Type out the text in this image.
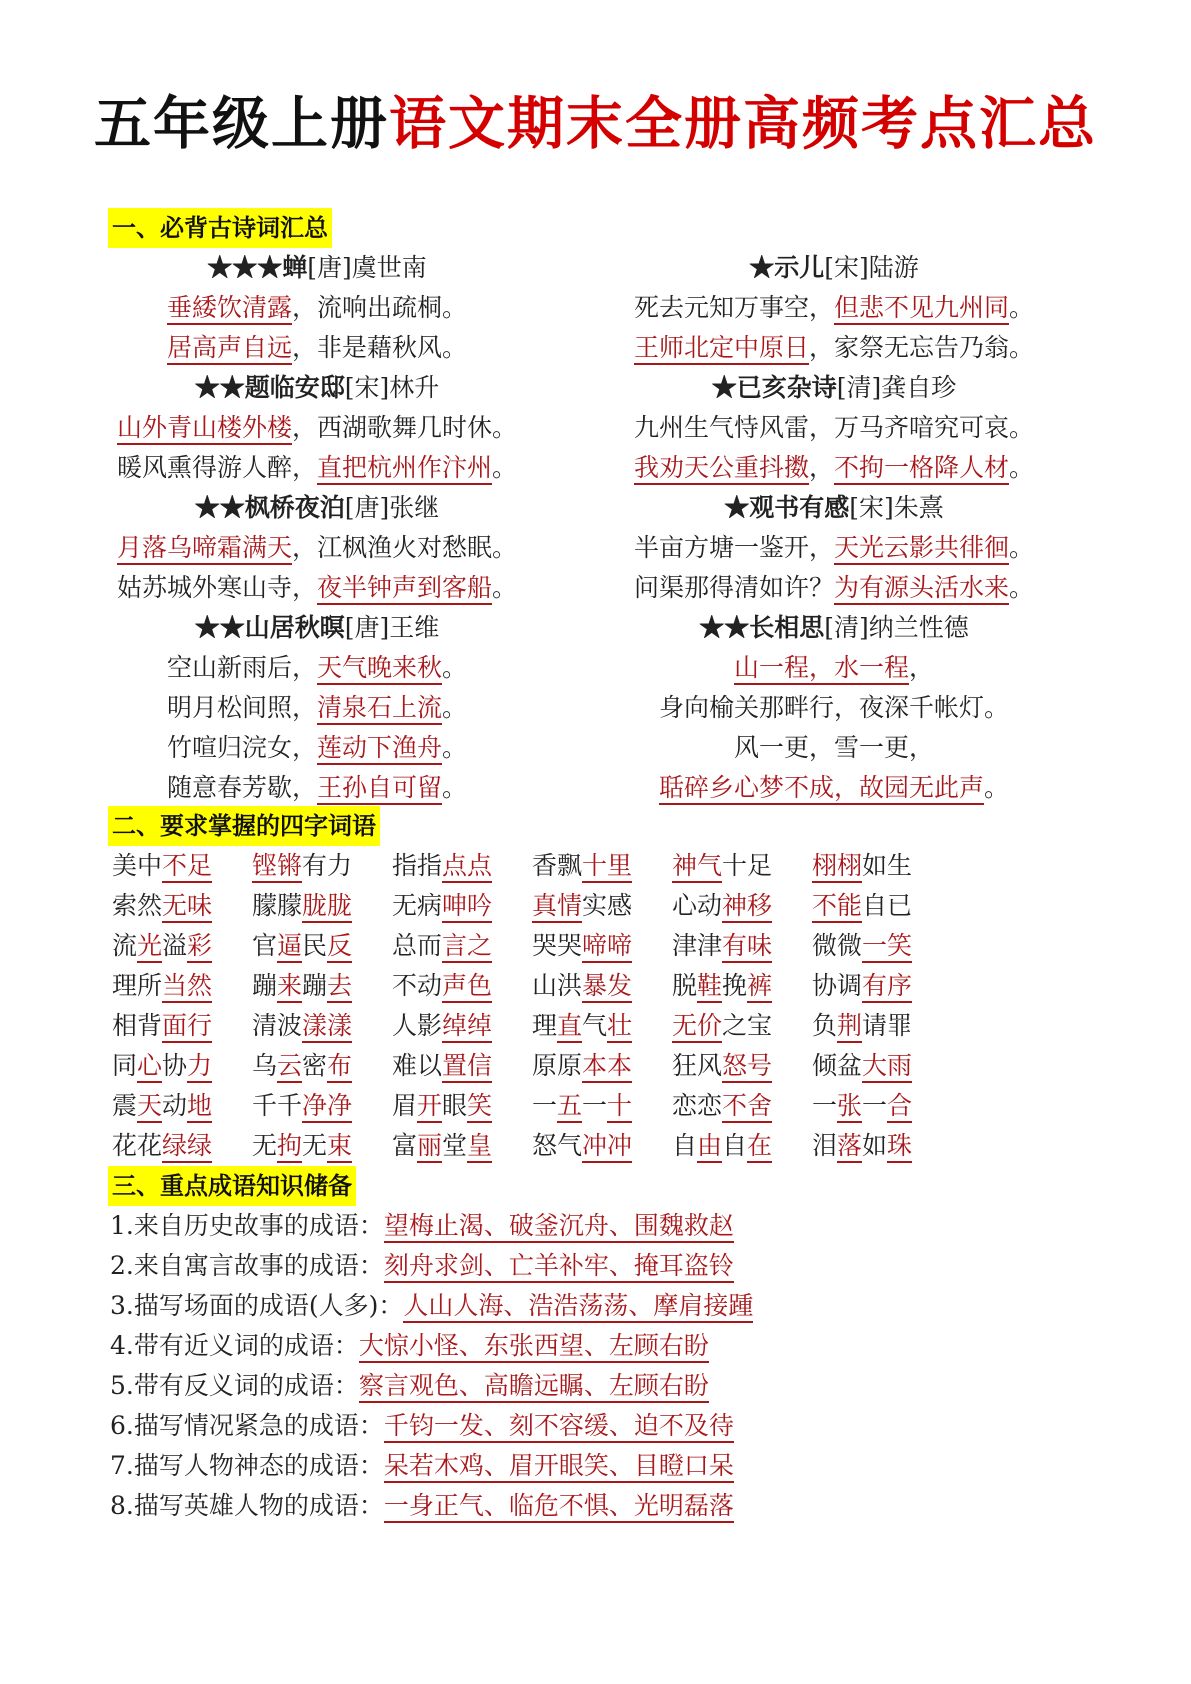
五年级上册语文期末全册高频考点汇总
一、必背古诗词汇总
★★★蝉[唐]虞世南
垂緌饮清露，流响出疏桐。
居高声自远，非是藉秋风。
★★题临安邸[宋]林升
山外青山楼外楼，西湖歌舞几时休。
暖风熏得游人醉，直把杭州作汴州。
★★枫桥夜泊[唐]张继
月落乌啼霜满天，江枫渔火对愁眠。
姑苏城外寒山寺，夜半钟声到客船。
★★山居秋暝[唐]王维
空山新雨后，天气晚来秋。
明月松间照，清泉石上流。
竹喧归浣女，莲动下渔舟。
随意春芳歇，王孙自可留。
★示儿[宋]陆游
死去元知万事空，但悲不见九州同。
王师北定中原日，家祭无忘告乃翁。
★已亥杂诗[清]龚自珍
九州生气恃风雷，万马齐喑究可哀。
我劝天公重抖擞，不拘一格降人材。
★观书有感[宋]朱熹
半亩方塘一鉴开，天光云影共徘徊。
问渠那得清如许？为有源头活水来。
★★长相思[清]纳兰性德
山一程，水一程，
身向榆关那畔行，夜深千帐灯。
风一更，雪一更，
聒碎乡心梦不成，故园无此声。
二、要求掌握的四字词语
美中不足	铿锵有力	指指点点	香飘十里	神气十足	栩栩如生
索然无味	朦朦胧胧	无病呻吟	真情实感	心动神移	不能自已
流光溢彩	官逼民反	总而言之	哭哭啼啼	津津有味	微微一笑
理所当然	蹦来蹦去	不动声色	山洪暴发	脱鞋挽裤	协调有序
相背面行	清波漾漾	人影绰绰	理直气壮	无价之宝	负荆请罪
同心协力	乌云密布	难以置信	原原本本	狂风怒号	倾盆大雨
震天动地	千千净净	眉开眼笑	一五一十	恋恋不舍	一张一合
花花绿绿	无拘无束	富丽堂皇	怒气冲冲	自由自在	泪落如珠
三、重点成语知识储备
1.来自历史故事的成语：望梅止渴、破釜沉舟、围魏救赵
2.来自寓言故事的成语：刻舟求剑、亡羊补牢、掩耳盗铃
3.描写场面的成语(人多)：人山人海、浩浩荡荡、摩肩接踵
4.带有近义词的成语：大惊小怪、东张西望、左顾右盼
5.带有反义词的成语：察言观色、高瞻远瞩、左顾右盼
6.描写情况紧急的成语：千钧一发、刻不容缓、迫不及待
7.描写人物神态的成语：呆若木鸡、眉开眼笑、目瞪口呆
8.描写英雄人物的成语：一身正气、临危不惧、光明磊落
